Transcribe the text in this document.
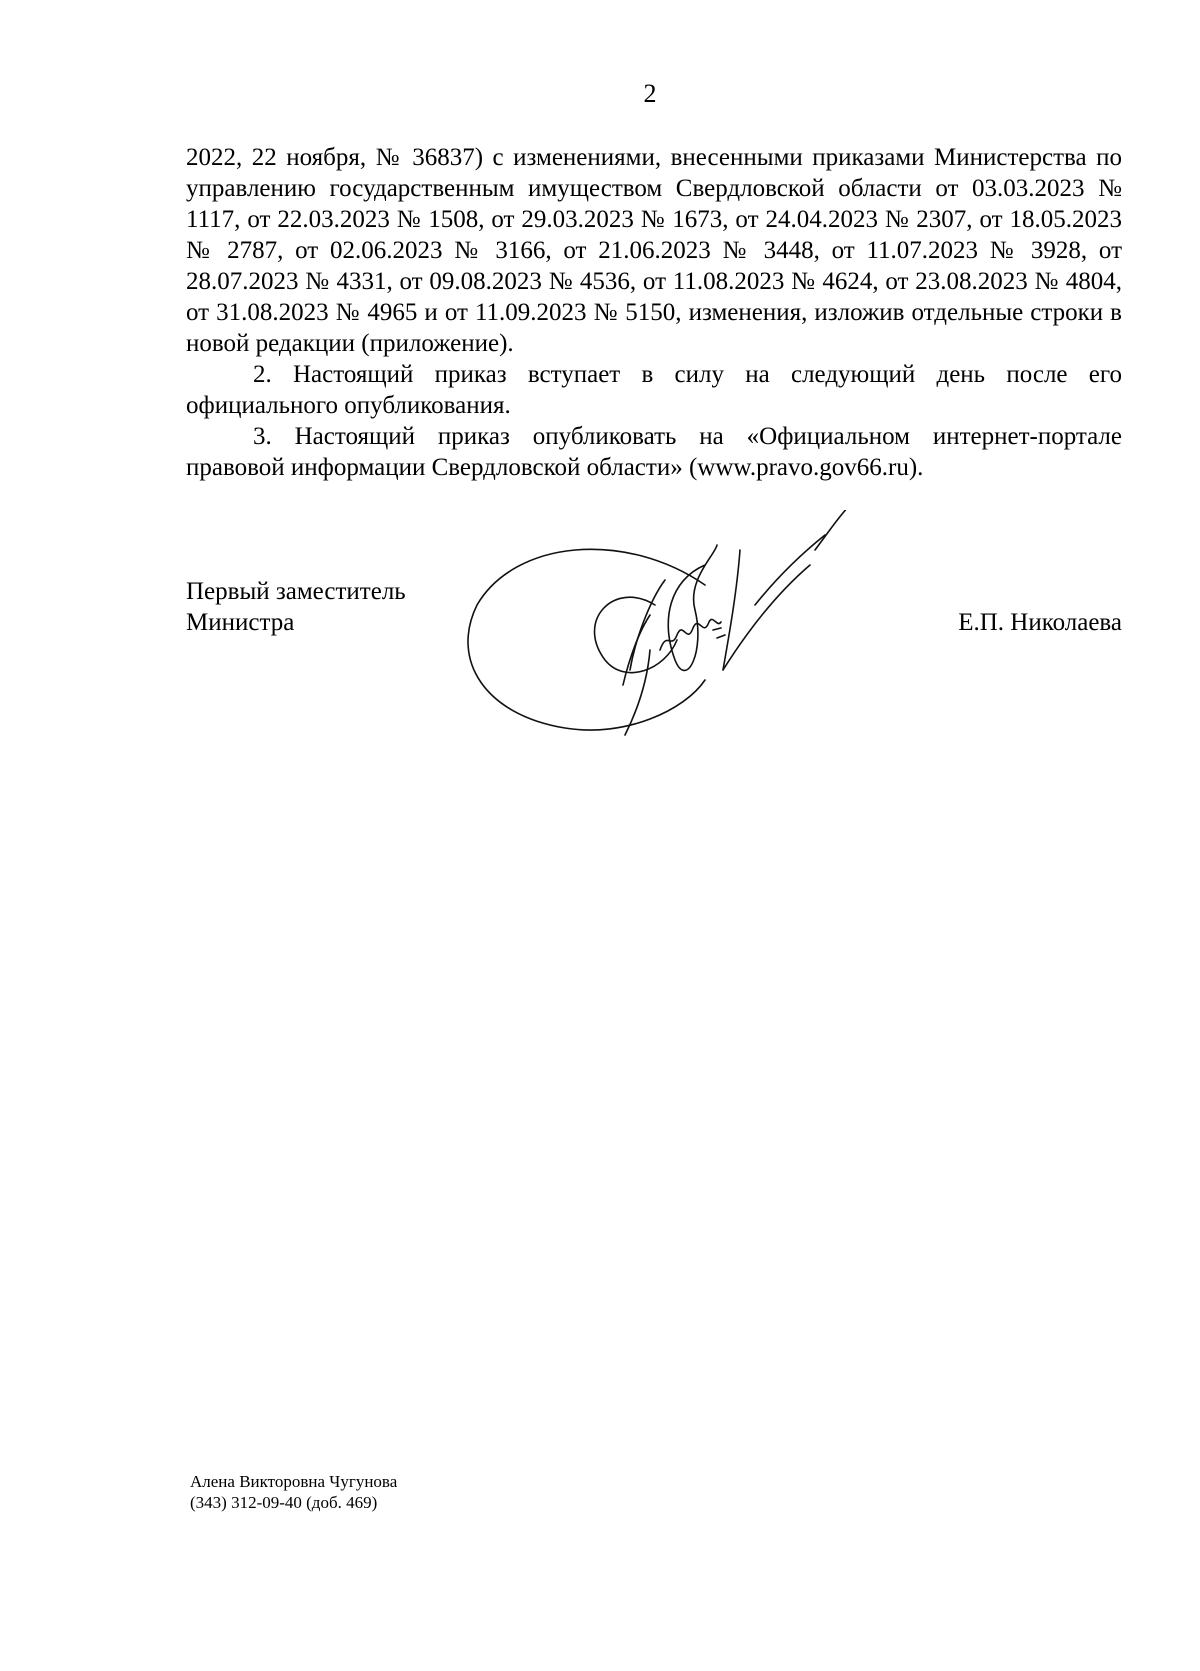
2

2022, 22 ноября, № 36837) с изменениями, внесенными приказами Министерства по управлению государственным имуществом Свердловской области от 03.03.2023 № 1117, от 22.03.2023 № 1508, от 29.03.2023 № 1673, от 24.04.2023 № 2307, от 18.05.2023 № 2787, от 02.06.2023 № 3166, от 21.06.2023 № 3448, от 11.07.2023 № 3928, от 28.07.2023 № 4331, от 09.08.2023 № 4536, от 11.08.2023 № 4624, от 23.08.2023 № 4804, от 31.08.2023 № 4965 и от 11.09.2023 № 5150, изменения, изложив отдельные строки в новой редакции (приложение).

2. Настоящий приказ вступает в силу на следующий день после его официального опубликования.

3. Настоящий приказ опубликовать на «Официальном интернет-портале правовой информации Свердловской области» (www.pravo.gov66.ru).

Первый заместитель
Министра	Е.П. Николаева
Алена Викторовна Чугунова
(343) 312-09-40 (доб. 469)
